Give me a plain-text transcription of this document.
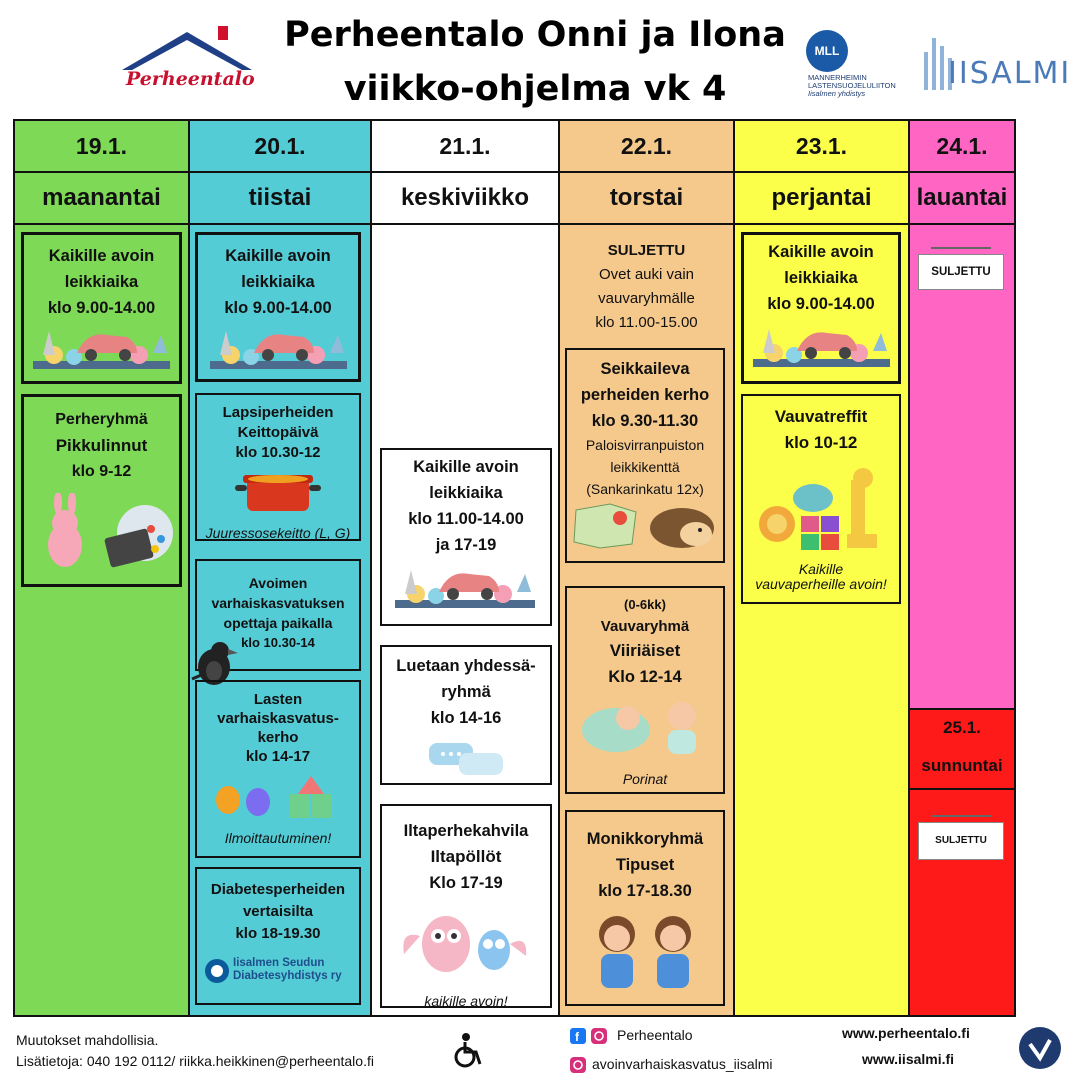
Perheentalo
Perheentalo Onni ja Ilona
viikko-ohjelma vk 4
MLL
MANNERHEIMIN
LASTENSUOJELULIITON
Iisalmen yhdistys
IISALMI
19.1.
maanantai
Kaikille avoin
leikkiaika
klo 9.00-14.00
Perheryhmä
Pikkulinnut
klo 9-12
20.1.
tiistai
Kaikille avoin
leikkiaika
klo 9.00-14.00
Lapsiperheiden
Keittopäivä
klo 10.30-12
Juuressosekeitto (L, G)
Avoimen
varhaiskasvatuksen
opettaja paikalla
klo 10.30-14
Lasten
varhaiskasvatus-
kerho
klo 14-17
Ilmoittautuminen!
Diabetesperheiden
vertaisilta
klo 18-19.30
Iisalmen Seudun
Diabetesyhdistys ry
21.1.
keskiviikko
Kaikille avoin
leikkiaika
klo 11.00-14.00
ja 17-19
Luetaan yhdessä-
ryhmä
klo 14-16
Iltaperhekahvila
Iltapöllöt
Klo 17-19
kaikille avoin!
22.1.
torstai
SULJETTU
Ovet auki vain
vauvaryhmälle
klo 11.00-15.00
Seikkaileva
perheiden kerho
klo 9.30-11.30
Paloisvirranpuiston
leikkikenttä
(Sankarinkatu 12x)
(0-6kk)
Vauvaryhmä
Viiriäiset
Klo 12-14
Porinat
Monikkoryhmä
Tipuset
klo 17-18.30
23.1.
perjantai
Kaikille avoin
leikkiaika
klo 9.00-14.00
Vauvatreffit
klo 10-12
Kaikille
vauvaperheille avoin!
24.1.
lauantai
SULJETTU
25.1.
sunnuntai
SULJETTU
Muutokset mahdollisia.
Lisätietoja: 040 192 0112/ riikka.heikkinen@perheentalo.fi
f	Perheentalo
avoinvarhaiskasvatus_iisalmi
www.perheentalo.fi
www.iisalmi.fi
